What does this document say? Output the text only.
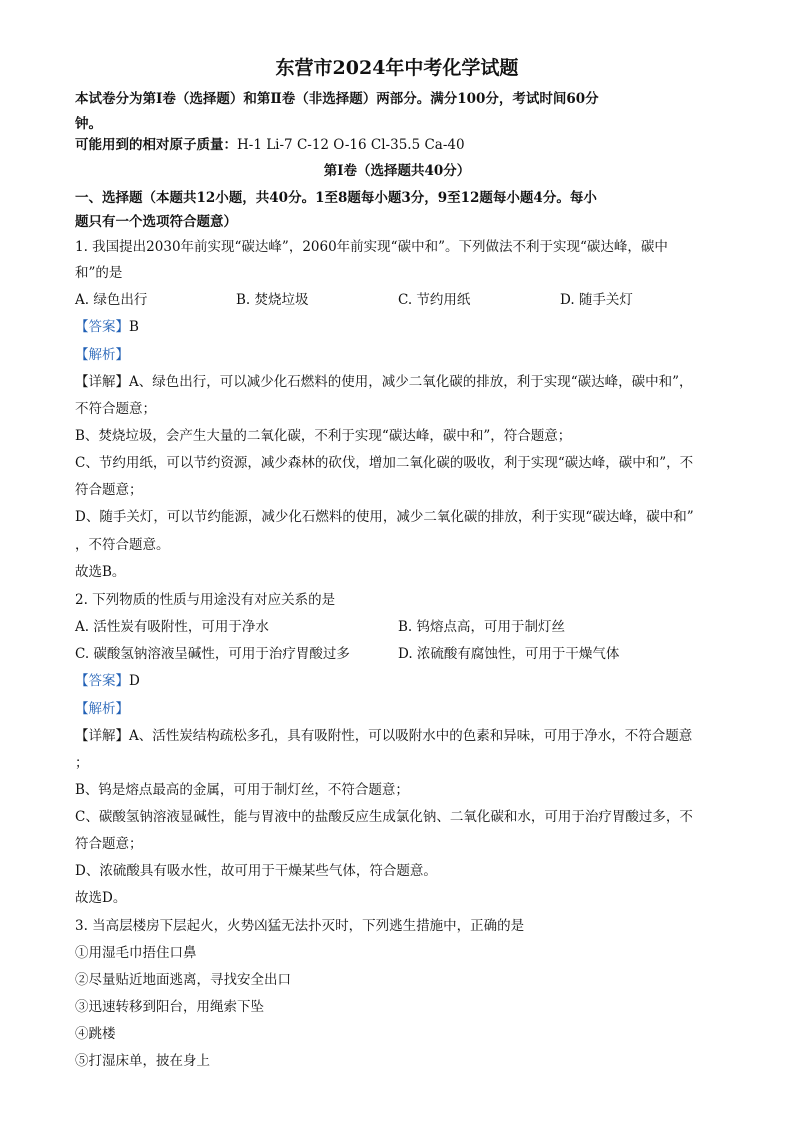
东营市2024年中考化学试题
本试卷分为第Ⅰ卷（选择题）和第Ⅱ卷（非选择题）两部分。满分100分，考试时间60分
钟。
可能用到的相对原子质量：H-1 Li-7 C-12 O-16 Cl-35.5 Ca-40
第Ⅰ卷（选择题共40分）
一、选择题（本题共12小题，共40分。1至8题每小题3分，9至12题每小题4分。每小
题只有一个选项符合题意）
1. 我国提出2030年前实现“碳达峰”，2060年前实现“碳中和”。下列做法不利于实现“碳达峰，碳中
和”的是
A. 绿色出行	B. 焚烧垃圾	C. 节约用纸	D. 随手关灯
【答案】B
【解析】
【详解】A、绿色出行，可以减少化石燃料的使用，减少二氧化碳的排放，利于实现“碳达峰，碳中和”，
不符合题意；
B、焚烧垃圾，会产生大量的二氧化碳，不利于实现“碳达峰，碳中和”，符合题意；
C、节约用纸，可以节约资源，减少森林的砍伐，增加二氧化碳的吸收，利于实现“碳达峰，碳中和”，不
符合题意；
D、随手关灯，可以节约能源，减少化石燃料的使用，减少二氧化碳的排放，利于实现“碳达峰，碳中和”
，不符合题意。
故选B。
2. 下列物质的性质与用途没有对应关系的是
A. 活性炭有吸附性，可用于净水	B. 钨熔点高，可用于制灯丝
C. 碳酸氢钠溶液呈碱性，可用于治疗胃酸过多	D. 浓硫酸有腐蚀性，可用于干燥气体
【答案】D
【解析】
【详解】A、活性炭结构疏松多孔，具有吸附性，可以吸附水中的色素和异味，可用于净水，不符合题意
；
B、钨是熔点最高的金属，可用于制灯丝，不符合题意；
C、碳酸氢钠溶液显碱性，能与胃液中的盐酸反应生成氯化钠、二氧化碳和水，可用于治疗胃酸过多，不
符合题意；
D、浓硫酸具有吸水性，故可用于干燥某些气体，符合题意。
故选D。
3. 当高层楼房下层起火，火势凶猛无法扑灭时，下列逃生措施中，正确的是
①用湿毛巾捂住口鼻
②尽量贴近地面逃离，寻找安全出口
③迅速转移到阳台，用绳索下坠
④跳楼
⑤打湿床单，披在身上
